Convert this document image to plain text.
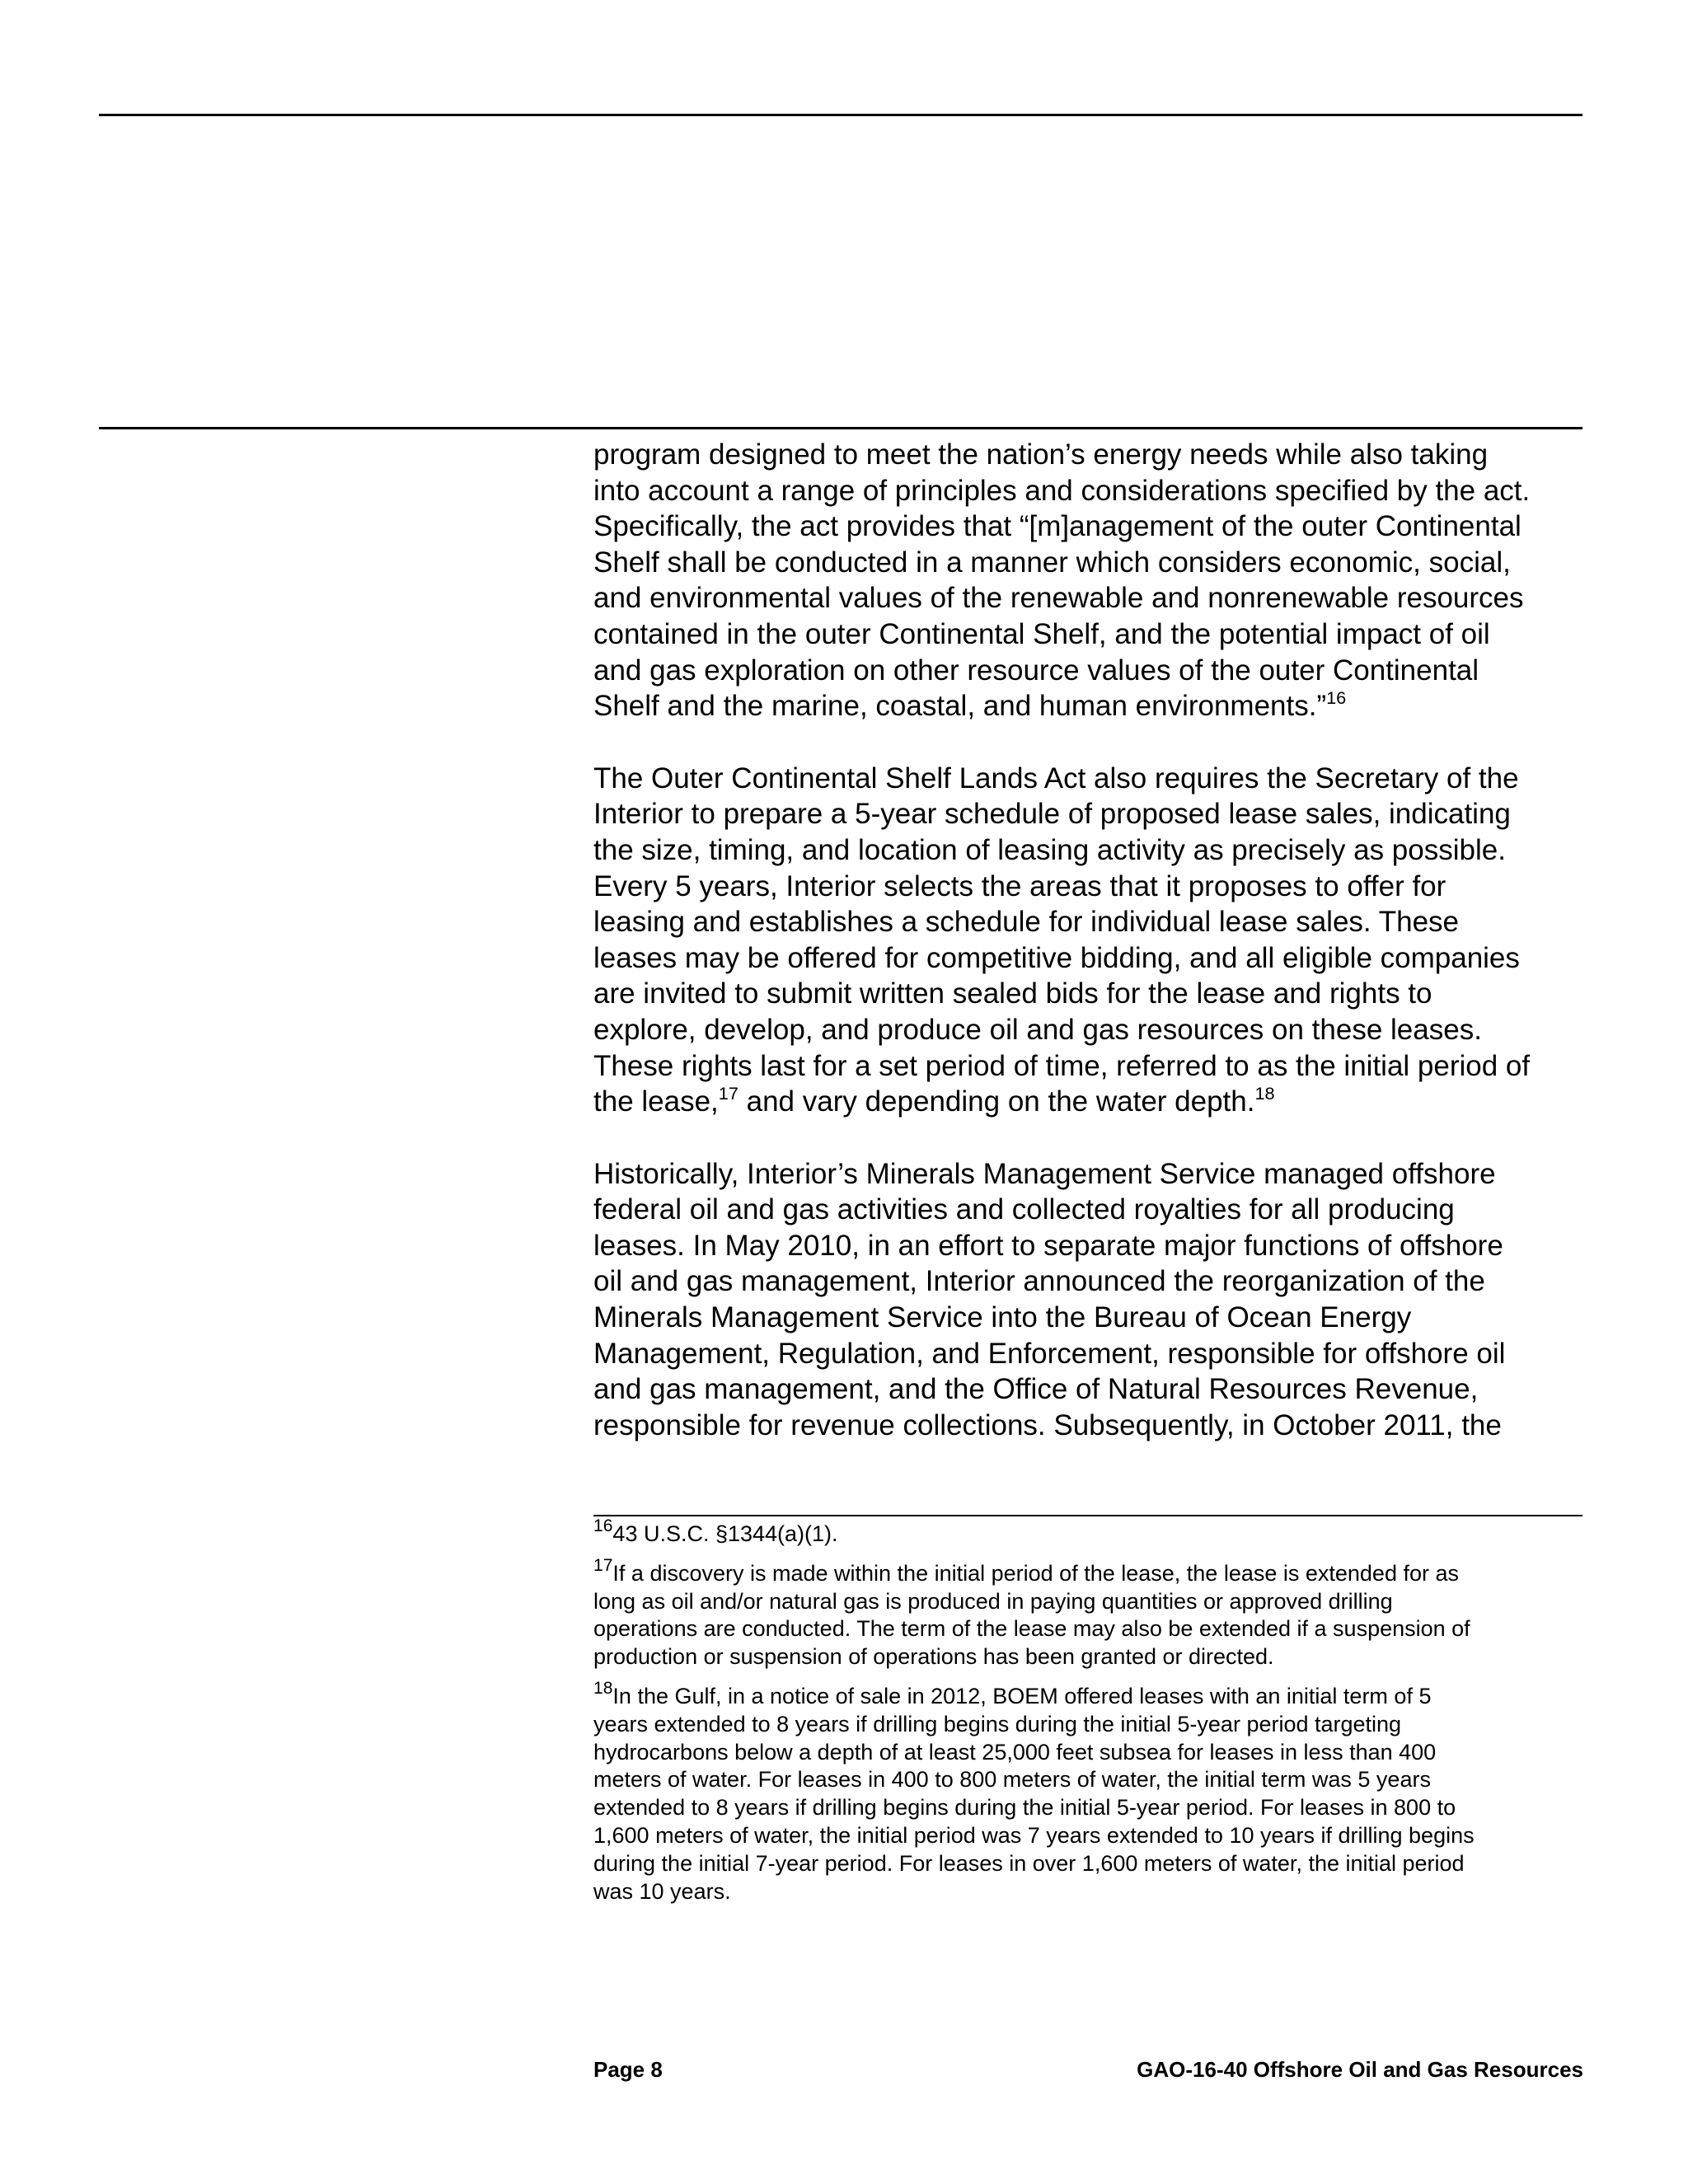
program designed to meet the nation’s energy needs while also taking
into account a range of principles and considerations specified by the act.
Specifically, the act provides that “[m]anagement of the outer Continental
Shelf shall be conducted in a manner which considers economic, social,
and environmental values of the renewable and nonrenewable resources
contained in the outer Continental Shelf, and the potential impact of oil
and gas exploration on other resource values of the outer Continental
Shelf and the marine, coastal, and human environments.”$^{16}$

The Outer Continental Shelf Lands Act also requires the Secretary of the
Interior to prepare a 5-year schedule of proposed lease sales, indicating
the size, timing, and location of leasing activity as precisely as possible.
Every 5 years, Interior selects the areas that it proposes to offer for
leasing and establishes a schedule for individual lease sales. These
leases may be offered for competitive bidding, and all eligible companies
are invited to submit written sealed bids for the lease and rights to
explore, develop, and produce oil and gas resources on these leases.
These rights last for a set period of time, referred to as the initial period of
the lease,$^{17}$ and vary depending on the water depth.$^{18}$

Historically, Interior’s Minerals Management Service managed offshore
federal oil and gas activities and collected royalties for all producing
leases. In May 2010, in an effort to separate major functions of offshore
oil and gas management, Interior announced the reorganization of the
Minerals Management Service into the Bureau of Ocean Energy
Management, Regulation, and Enforcement, responsible for offshore oil
and gas management, and the Office of Natural Resources Revenue,
responsible for revenue collections. Subsequently, in October 2011, the

$^{16}$43 U.S.C. §1344(a)(1).

$^{17}$If a discovery is made within the initial period of the lease, the lease is extended for as
long as oil and/or natural gas is produced in paying quantities or approved drilling
operations are conducted. The term of the lease may also be extended if a suspension of
production or suspension of operations has been granted or directed.

$^{18}$In the Gulf, in a notice of sale in 2012, BOEM offered leases with an initial term of 5
years extended to 8 years if drilling begins during the initial 5-year period targeting
hydrocarbons below a depth of at least 25,000 feet subsea for leases in less than 400
meters of water. For leases in 400 to 800 meters of water, the initial term was 5 years
extended to 8 years if drilling begins during the initial 5-year period. For leases in 800 to
1,600 meters of water, the initial period was 7 years extended to 10 years if drilling begins
during the initial 7-year period. For leases in over 1,600 meters of water, the initial period
was 10 years.

Page 8	GAO-16-40 Offshore Oil and Gas Resources
